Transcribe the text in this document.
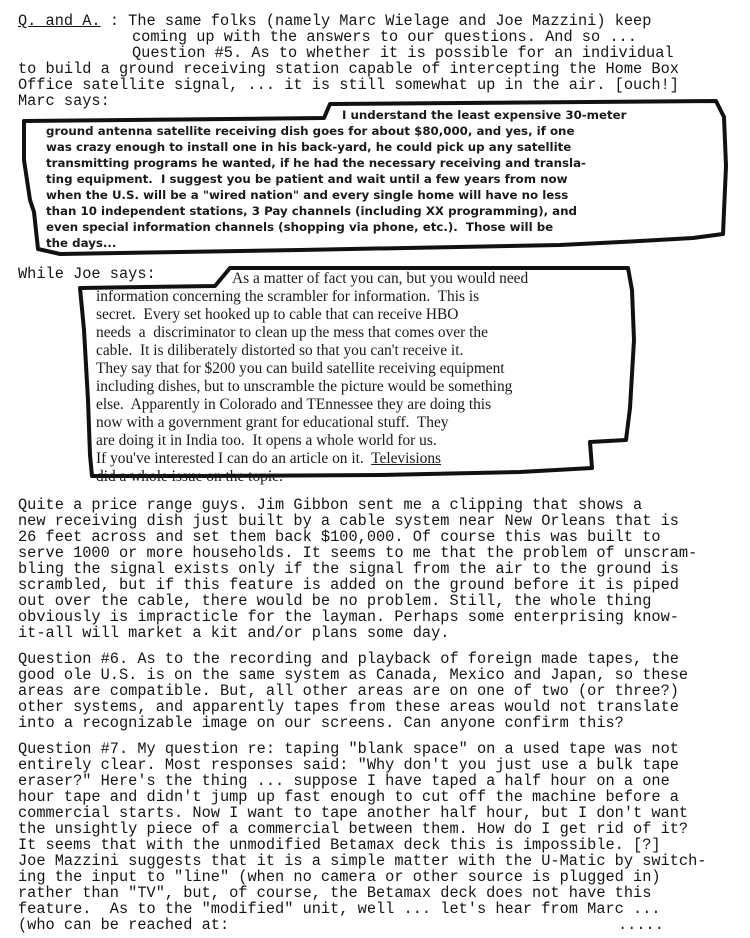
Q. and A. : The same folks (namely Marc Wielage and Joe Mazzini) keep
coming up with the answers to our questions. And so ...
Question #5. As to whether it is possible for an individual
to build a ground receiving station capable of intercepting the Home Box
Office satellite signal, ... it is still somewhat up in the air. [ouch!]
Marc says:
I understand the least expensive 30-meter
ground antenna satellite receiving dish goes for about $80,000, and yes, if one
was crazy enough to install one in his back-yard, he could pick up any satellite
transmitting programs he wanted, if he had the necessary receiving and transla-
ting equipment.  I suggest you be patient and wait until a few years from now
when the U.S. will be a "wired nation" and every single home will have no less
than 10 independent stations, 3 Pay channels (including XX programming), and
even special information channels (shopping via phone, etc.).  Those will be
the days...
While Joe says:	As a matter of fact you can, but you would need
information concerning the scrambler for information.  This is
secret.  Every set hooked up to cable that can receive HBO
needs  a  discriminator to clean up the mess that comes over the
cable.  It is diliberately distorted so that you can't receive it.
They say that for $200 you can build satellite receiving equipment
including dishes, but to unscramble the picture would be something
else.  Apparently in Colorado and TEnnessee they are doing this
now with a government grant for educational stuff.  They
are doing it in India too.  It opens a whole world for us.
If you've interested I can do an article on it.  Televisions
did a whole issue on the topic.
Quite a price range guys. Jim Gibbon sent me a clipping that shows a
new receiving dish just built by a cable system near New Orleans that is
26 feet across and set them back $100,000. Of course this was built to
serve 1000 or more households. It seems to me that the problem of unscram-
bling the signal exists only if the signal from the air to the ground is
scrambled, but if this feature is added on the ground before it is piped
out over the cable, there would be no problem. Still, the whole thing
obviously is impracticle for the layman. Perhaps some enterprising know-
it-all will market a kit and/or plans some day.
Question #6. As to the recording and playback of foreign made tapes, the
good ole U.S. is on the same system as Canada, Mexico and Japan, so these
areas are compatible. But, all other areas are on one of two (or three?)
other systems, and apparently tapes from these areas would not translate
into a recognizable image on our screens. Can anyone confirm this?
Question #7. My question re: taping "blank space" on a used tape was not
entirely clear. Most responses said: "Why don't you just use a bulk tape
eraser?" Here's the thing ... suppose I have taped a half hour on a one
hour tape and didn't jump up fast enough to cut off the machine before a
commercial starts. Now I want to tape another half hour, but I don't want
the unsightly piece of a commercial between them. How do I get rid of it?
It seems that with the unmodified Betamax deck this is impossible. [?]
Joe Mazzini suggests that it is a simple matter with the U-Matic by switch-
ing the input to "line" (when no camera or other source is plugged in)
rather than "TV", but, of course, the Betamax deck does not have this
feature.  As to the "modified" unit, well ... let's hear from Marc ...
(who can be reached at:	.....
